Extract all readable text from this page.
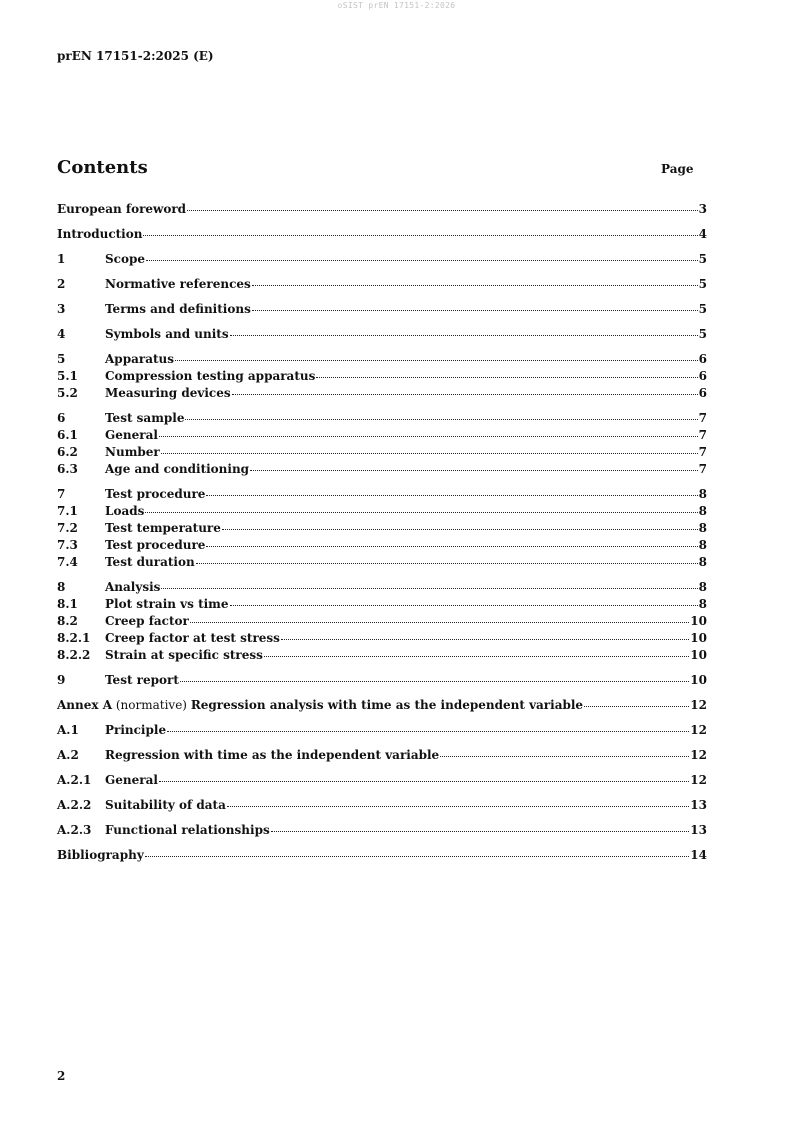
oSIST prEN 17151-2:2026
prEN 17151-2:2025 (E)
Contents	Page
European foreword	3
Introduction	4
1	Scope	5
2	Normative references	5
3	Terms and definitions	5
4	Symbols and units	5
5	Apparatus	6
5.1	Compression testing apparatus	6
5.2	Measuring devices	6
6	Test sample	7
6.1	General	7
6.2	Number	7
6.3	Age and conditioning	7
7	Test procedure	8
7.1	Loads	8
7.2	Test temperature	8
7.3	Test procedure	8
7.4	Test duration	8
8	Analysis	8
8.1	Plot strain vs time	8
8.2	Creep factor	10
8.2.1	Creep factor at test stress	10
8.2.2	Strain at specific stress	10
9	Test report	10
Annex A (normative) Regression analysis with time as the independent variable	12
A.1	Principle	12
A.2	Regression with time as the independent variable	12
A.2.1	General	12
A.2.2	Suitability of data	13
A.2.3	Functional relationships	13
Bibliography	14
2
